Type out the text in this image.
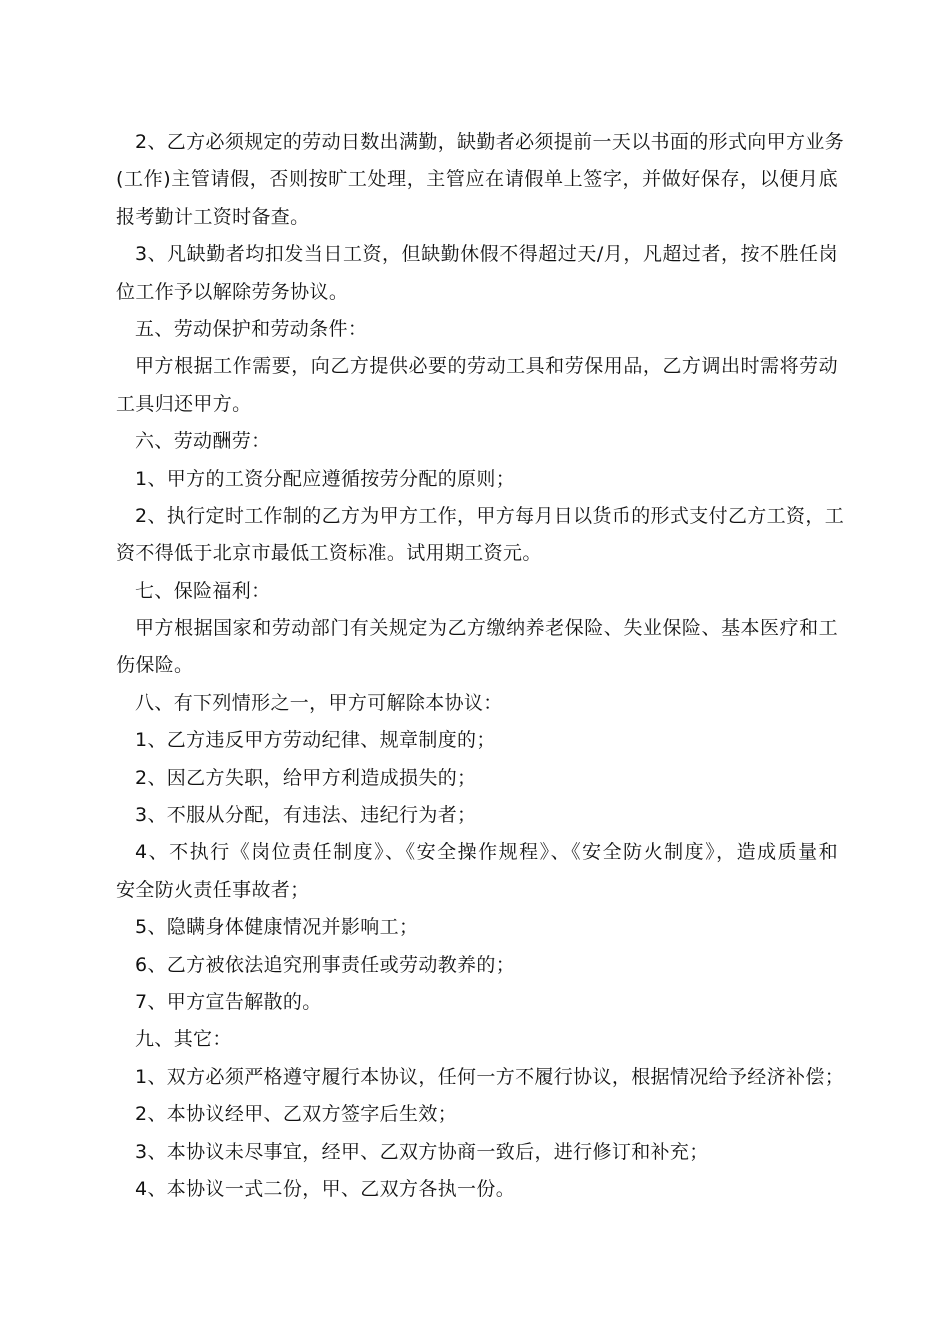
2、乙方必须规定的劳动日数出满勤，缺勤者必须提前一天以书面的形式向甲方业务
(工作)主管请假，否则按旷工处理，主管应在请假单上签字，并做好保存，以便月底
报考勤计工资时备查。
3、凡缺勤者均扣发当日工资，但缺勤休假不得超过天/月，凡超过者，按不胜任岗
位工作予以解除劳务协议。
五、劳动保护和劳动条件：
甲方根据工作需要，向乙方提供必要的劳动工具和劳保用品，乙方调出时需将劳动
工具归还甲方。
六、劳动酬劳：
1、甲方的工资分配应遵循按劳分配的原则；
2、执行定时工作制的乙方为甲方工作，甲方每月日以货币的形式支付乙方工资，工
资不得低于北京市最低工资标准。试用期工资元。
七、保险福利：
甲方根据国家和劳动部门有关规定为乙方缴纳养老保险、失业保险、基本医疗和工
伤保险。
八、有下列情形之一，甲方可解除本协议：
1、乙方违反甲方劳动纪律、规章制度的；
2、因乙方失职，给甲方利造成损失的；
3、不服从分配，有违法、违纪行为者；
4、不执行《岗位责任制度》、《安全操作规程》、《安全防火制度》，造成质量和
安全防火责任事故者；
5、隐瞒身体健康情况并影响工；
6、乙方被依法追究刑事责任或劳动教养的；
7、甲方宣告解散的。
九、其它：
1、双方必须严格遵守履行本协议，任何一方不履行协议，根据情况给予经济补偿；
2、本协议经甲、乙双方签字后生效；
3、本协议未尽事宜，经甲、乙双方协商一致后，进行修订和补充；
4、本协议一式二份，甲、乙双方各执一份。
